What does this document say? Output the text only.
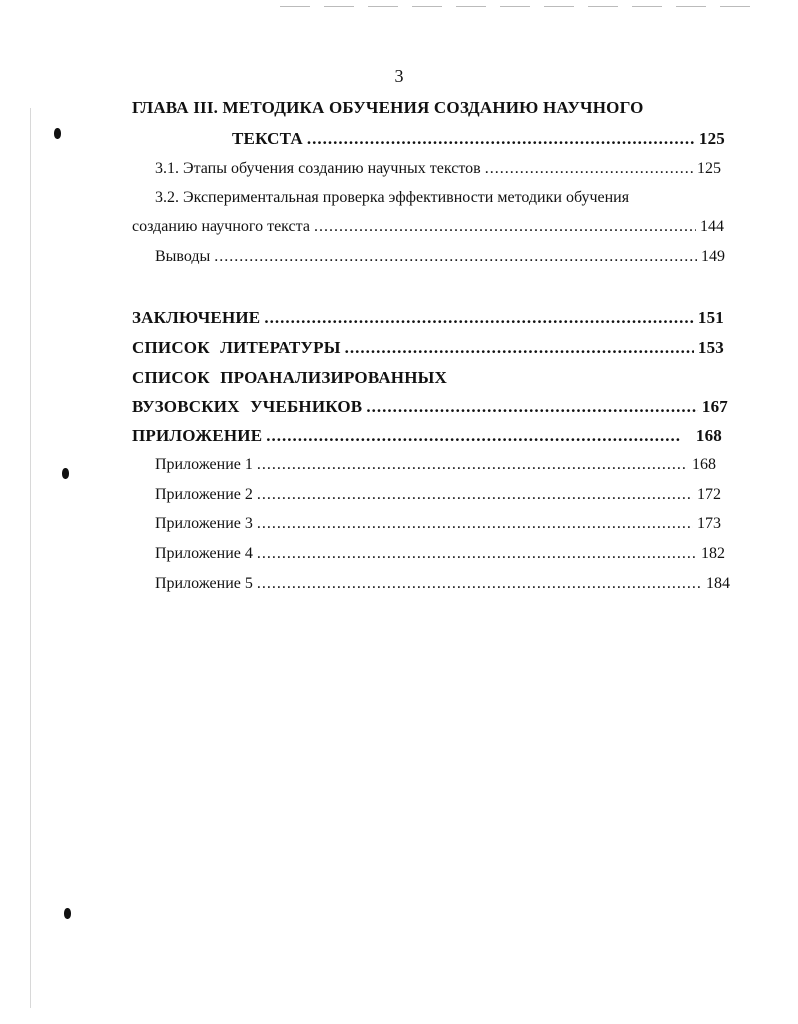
3
ГЛАВА III. МЕТОДИКА ОБУЧЕНИЯ СОЗДАНИЮ НАУЧНОГО
ТЕКСТА .....	125
3.1. Этапы обучения созданию научных текстов .....	125
3.2. Экспериментальная проверка эффективности методики обучения
созданию научного текста .....	144
Выводы .....	149
ЗАКЛЮЧЕНИЕ .....	151
СПИСОК ЛИТЕРАТУРЫ .....	153
СПИСОК ПРОАНАЛИЗИРОВАННЫХ
ВУЗОВСКИХ УЧЕБНИКОВ .....	167
ПРИЛОЖЕНИЕ .....	168
Приложение 1 .....	168
Приложение 2 .....	172
Приложение 3 .....	173
Приложение 4 .....	182
Приложение 5 .....	184
